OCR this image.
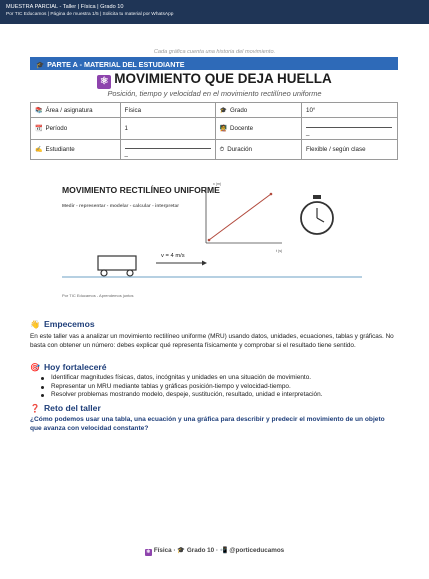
MUESTRA PARCIAL - Taller | Física | Grado 10
Por TIC Educamos | Página de muestra 1/5 | Solicita tu material por WhatsApp
Cada gráfica cuenta una historia del movimiento.
🎓 PARTE A - MATERIAL DEL ESTUDIANTE
⚛ MOVIMIENTO QUE DEJA HUELLA
Posición, tiempo y velocidad en el movimiento rectilíneo uniforme
📚 Área / asignatura	Física	🎓 Grado	10°
📆 Período	1	🧑‍🏫 Docente	_

✍ Estudiante	_	⏱ Duración	Flexible / según clase
MOVIMIENTO RECTILÍNEO UNIFORME
Medir - representar - modelar - calcular - interpretar
x (m)
t (s)
v = 4 m/s
Por TIC Educamos - Aprendemos juntos
👋 Empecemos
En este taller vas a analizar un movimiento rectilíneo uniforme (MRU) usando datos, unidades, ecuaciones, tablas y gráficas. No basta con obtener un número: debes explicar qué representa físicamente y comprobar si el resultado tiene sentido.
🎯 Hoy fortaleceré
Identificar magnitudes físicas, datos, incógnitas y unidades en una situación de movimiento.
Representar un MRU mediante tablas y gráficas posición-tiempo y velocidad-tiempo.
Resolver problemas mostrando modelo, despeje, sustitución, resultado, unidad e interpretación.
❓ Reto del taller
¿Cómo podemos usar una tabla, una ecuación y una gráfica para describir y predecir el movimiento de un objeto que avanza con velocidad constante?
⚛ Física · 🎓 Grado 10 · 📲 @porticeducamos
